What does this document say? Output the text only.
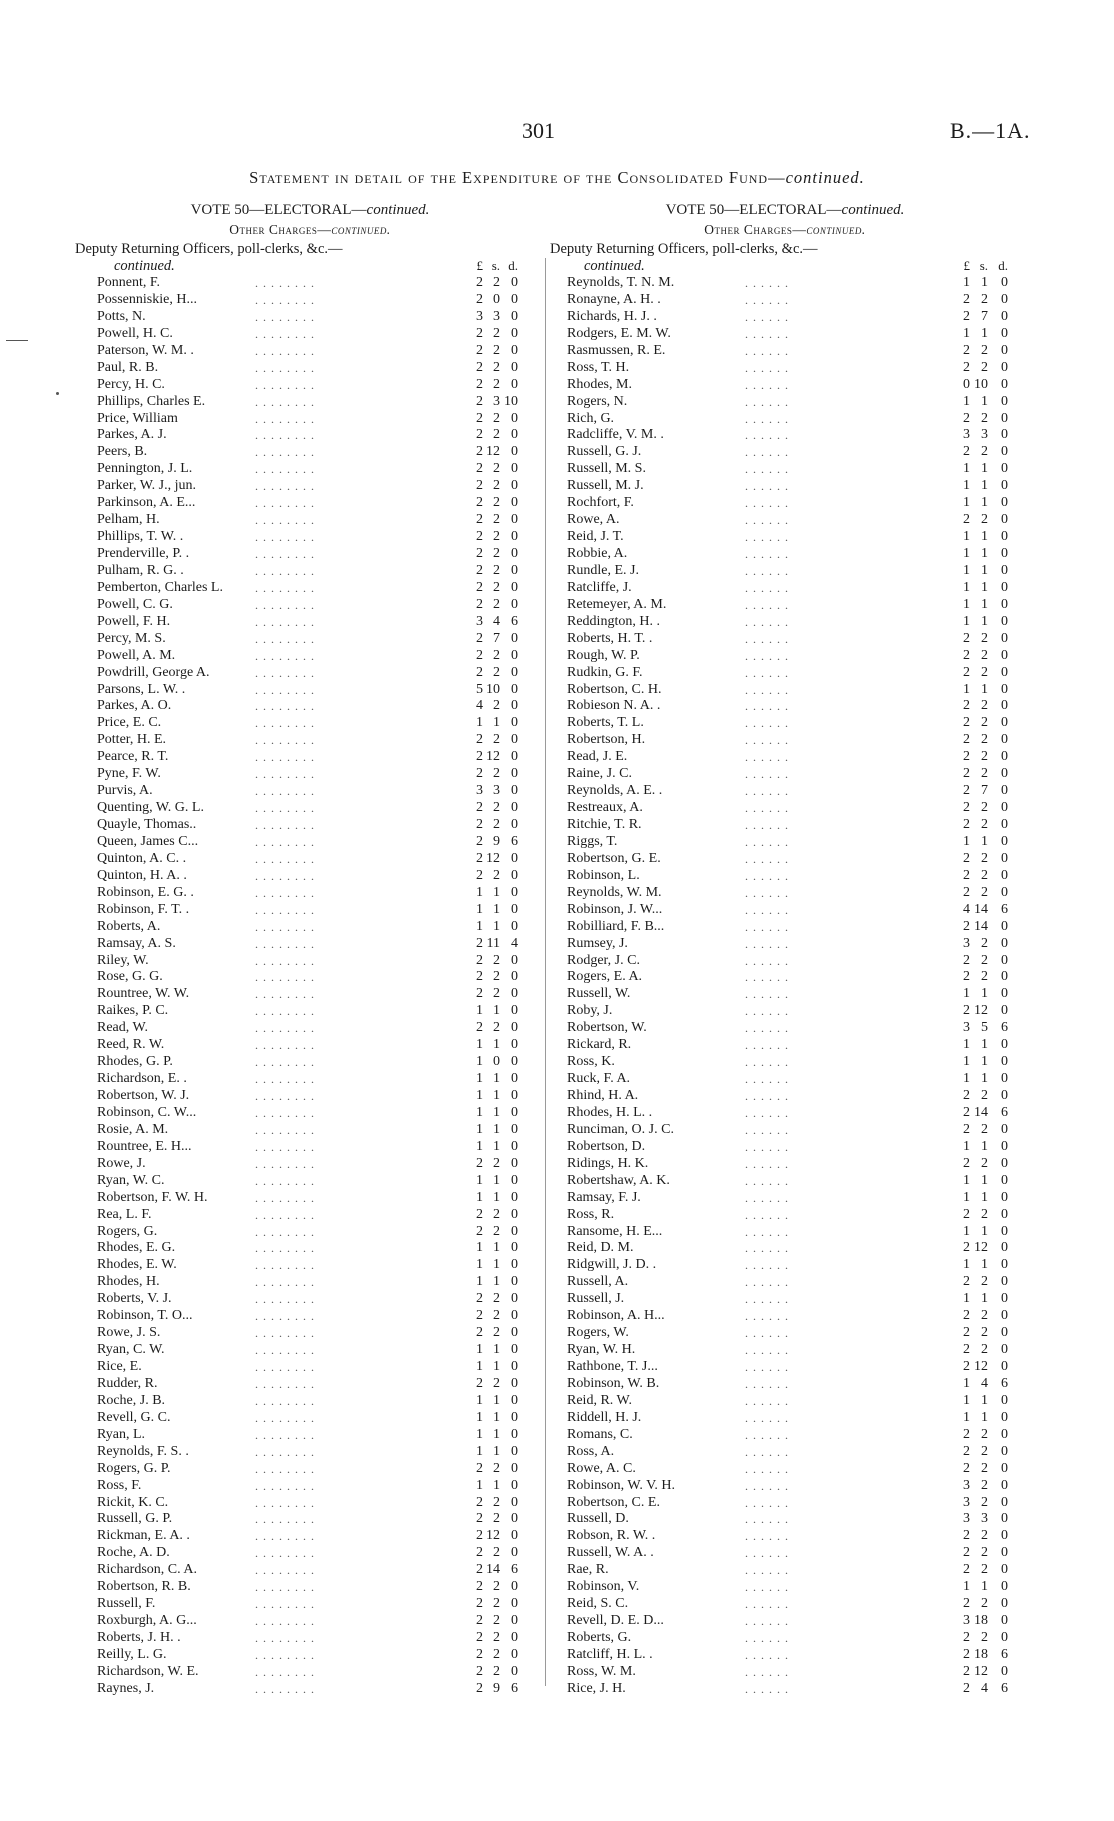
301	B.—1A.
Statement in detail of the Expenditure of the Consolidated Fund—continued.
VOTE 50—ELECTORAL—continued.
Other Charges—continued.
Deputy Returning Officers, poll-clerks, &c.—
continued.	£ s. d.
Ponnent, F.	. . . . . . . .	2 2 0
Possenniskie, H...	. . . . . . . .	2 0 0
Potts, N.	. . . . . . . .	3 3 0
Powell, H. C.	. . . . . . . .	2 2 0
Paterson, W. M. .	. . . . . . . .	2 2 0
Paul, R. B.	. . . . . . . .	2 2 0
Percy, H. C.	. . . . . . . .	2 2 0
Phillips, Charles E.	. . . . . . . .	2 3 10
Price, William	. . . . . . . .	2 2 0
Parkes, A. J.	. . . . . . . .	2 2 0
Peers, B.	. . . . . . . .	2 12 0
Pennington, J. L.	. . . . . . . .	2 2 0
Parker, W. J., jun.	. . . . . . . .	2 2 0
Parkinson, A. E...	. . . . . . . .	2 2 0
Pelham, H.	. . . . . . . .	2 2 0
Phillips, T. W. .	. . . . . . . .	2 2 0
Prenderville, P. .	. . . . . . . .	2 2 0
Pulham, R. G. .	. . . . . . . .	2 2 0
Pemberton, Charles L.	. . . . . . . .	2 2 0
Powell, C. G.	. . . . . . . .	2 2 0
Powell, F. H.	. . . . . . . .	3 4 6
Percy, M. S.	. . . . . . . .	2 7 0
Powell, A. M.	. . . . . . . .	2 2 0
Powdrill, George A.	. . . . . . . .	2 2 0
Parsons, L. W. .	. . . . . . . .	5 10 0
Parkes, A. O.	. . . . . . . .	4 2 0
Price, E. C.	. . . . . . . .	1 1 0
Potter, H. E.	. . . . . . . .	2 2 0
Pearce, R. T.	. . . . . . . .	2 12 0
Pyne, F. W.	. . . . . . . .	2 2 0
Purvis, A.	. . . . . . . .	3 3 0
Quenting, W. G. L.	. . . . . . . .	2 2 0
Quayle, Thomas..	. . . . . . . .	2 2 0
Queen, James C...	. . . . . . . .	2 9 6
Quinton, A. C. .	. . . . . . . .	2 12 0
Quinton, H. A. .	. . . . . . . .	2 2 0
Robinson, E. G. .	. . . . . . . .	1 1 0
Robinson, F. T. .	. . . . . . . .	1 1 0
Roberts, A.	. . . . . . . .	1 1 0
Ramsay, A. S.	. . . . . . . .	2 11 4
Riley, W.	. . . . . . . .	2 2 0
Rose, G. G.	. . . . . . . .	2 2 0
Rountree, W. W.	. . . . . . . .	2 2 0
Raikes, P. C.	. . . . . . . .	1 1 0
Read, W.	. . . . . . . .	2 2 0
Reed, R. W.	. . . . . . . .	1 1 0
Rhodes, G. P.	. . . . . . . .	1 0 0
Richardson, E. .	. . . . . . . .	1 1 0
Robertson, W. J.	. . . . . . . .	1 1 0
Robinson, C. W...	. . . . . . . .	1 1 0
Rosie, A. M.	. . . . . . . .	1 1 0
Rountree, E. H...	. . . . . . . .	1 1 0
Rowe, J.	. . . . . . . .	2 2 0
Ryan, W. C.	. . . . . . . .	1 1 0
Robertson, F. W. H.	. . . . . . . .	1 1 0
Rea, L. F.	. . . . . . . .	2 2 0
Rogers, G.	. . . . . . . .	2 2 0
Rhodes, E. G.	. . . . . . . .	1 1 0
Rhodes, E. W.	. . . . . . . .	1 1 0
Rhodes, H.	. . . . . . . .	1 1 0
Roberts, V. J.	. . . . . . . .	2 2 0
Robinson, T. O...	. . . . . . . .	2 2 0
Rowe, J. S.	. . . . . . . .	2 2 0
Ryan, C. W.	. . . . . . . .	1 1 0
Rice, E.	. . . . . . . .	1 1 0
Rudder, R.	. . . . . . . .	2 2 0
Roche, J. B.	. . . . . . . .	1 1 0
Revell, G. C.	. . . . . . . .	1 1 0
Ryan, L.	. . . . . . . .	1 1 0
Reynolds, F. S. .	. . . . . . . .	1 1 0
Rogers, G. P.	. . . . . . . .	2 2 0
Ross, F.	. . . . . . . .	1 1 0
Rickit, K. C.	. . . . . . . .	2 2 0
Russell, G. P.	. . . . . . . .	2 2 0
Rickman, E. A. .	. . . . . . . .	2 12 0
Roche, A. D.	. . . . . . . .	2 2 0
Richardson, C. A.	. . . . . . . .	2 14 6
Robertson, R. B.	. . . . . . . .	2 2 0
Russell, F.	. . . . . . . .	2 2 0
Roxburgh, A. G...	. . . . . . . .	2 2 0
Roberts, J. H. .	. . . . . . . .	2 2 0
Reilly, L. G.	. . . . . . . .	2 2 0
Richardson, W. E.	. . . . . . . .	2 2 0
Raynes, J.	. . . . . . . .	2 9 6
VOTE 50—ELECTORAL—continued.
Other Charges—continued.
Deputy Returning Officers, poll-clerks, &c.—
continued.	£ s. d.
Reynolds, T. N. M.	. . . . . .	1 1 0
Ronayne, A. H. .	. . . . . .	2 2 0
Richards, H. J. .	. . . . . .	2 7 0
Rodgers, E. M. W.	. . . . . .	1 1 0
Rasmussen, R. E.	. . . . . .	2 2 0
Ross, T. H.	. . . . . .	2 2 0
Rhodes, M.	. . . . . .	0 10 0
Rogers, N.	. . . . . .	1 1 0
Rich, G.	. . . . . .	2 2 0
Radcliffe, V. M. .	. . . . . .	3 3 0
Russell, G. J.	. . . . . .	2 2 0
Russell, M. S.	. . . . . .	1 1 0
Russell, M. J.	. . . . . .	1 1 0
Rochfort, F.	. . . . . .	1 1 0
Rowe, A.	. . . . . .	2 2 0
Reid, J. T.	. . . . . .	1 1 0
Robbie, A.	. . . . . .	1 1 0
Rundle, E. J.	. . . . . .	1 1 0
Ratcliffe, J.	. . . . . .	1 1 0
Retemeyer, A. M.	. . . . . .	1 1 0
Reddington, H. .	. . . . . .	1 1 0
Roberts, H. T. .	. . . . . .	2 2 0
Rough, W. P.	. . . . . .	2 2 0
Rudkin, G. F.	. . . . . .	2 2 0
Robertson, C. H.	. . . . . .	1 1 0
Robieson N. A. .	. . . . . .	2 2 0
Roberts, T. L.	. . . . . .	2 2 0
Robertson, H.	. . . . . .	2 2 0
Read, J. E.	. . . . . .	2 2 0
Raine, J. C.	. . . . . .	2 2 0
Reynolds, A. E. .	. . . . . .	2 7 0
Restreaux, A.	. . . . . .	2 2 0
Ritchie, T. R.	. . . . . .	2 2 0
Riggs, T.	. . . . . .	1 1 0
Robertson, G. E.	. . . . . .	2 2 0
Robinson, L.	. . . . . .	2 2 0
Reynolds, W. M.	. . . . . .	2 2 0
Robinson, J. W...	. . . . . .	4 14 6
Robilliard, F. B...	. . . . . .	2 14 0
Rumsey, J.	. . . . . .	3 2 0
Rodger, J. C.	. . . . . .	2 2 0
Rogers, E. A.	. . . . . .	2 2 0
Russell, W.	. . . . . .	1 1 0
Roby, J.	. . . . . .	2 12 0
Robertson, W.	. . . . . .	3 5 6
Rickard, R.	. . . . . .	1 1 0
Ross, K.	. . . . . .	1 1 0
Ruck, F. A.	. . . . . .	1 1 0
Rhind, H. A.	. . . . . .	2 2 0
Rhodes, H. L. .	. . . . . .	2 14 6
Runciman, O. J. C.	. . . . . .	2 2 0
Robertson, D.	. . . . . .	1 1 0
Ridings, H. K.	. . . . . .	2 2 0
Robertshaw, A. K.	. . . . . .	1 1 0
Ramsay, F. J.	. . . . . .	1 1 0
Ross, R.	. . . . . .	2 2 0
Ransome, H. E...	. . . . . .	1 1 0
Reid, D. M.	. . . . . .	2 12 0
Ridgwill, J. D. .	. . . . . .	1 1 0
Russell, A.	. . . . . .	2 2 0
Russell, J.	. . . . . .	1 1 0
Robinson, A. H...	. . . . . .	2 2 0
Rogers, W.	. . . . . .	2 2 0
Ryan, W. H.	. . . . . .	2 2 0
Rathbone, T. J...	. . . . . .	2 12 0
Robinson, W. B.	. . . . . .	1 4 6
Reid, R. W.	. . . . . .	1 1 0
Riddell, H. J.	. . . . . .	1 1 0
Romans, C.	. . . . . .	2 2 0
Ross, A.	. . . . . .	2 2 0
Rowe, A. C.	. . . . . .	2 2 0
Robinson, W. V. H.	. . . . . .	3 2 0
Robertson, C. E.	. . . . . .	3 2 0
Russell, D.	. . . . . .	3 3 0
Robson, R. W. .	. . . . . .	2 2 0
Russell, W. A. .	. . . . . .	2 2 0
Rae, R.	. . . . . .	2 2 0
Robinson, V.	. . . . . .	1 1 0
Reid, S. C.	. . . . . .	2 2 0
Revell, D. E. D...	. . . . . .	3 18 0
Roberts, G.	. . . . . .	2 2 0
Ratcliff, H. L. .	. . . . . .	2 18 6
Ross, W. M.	. . . . . .	2 12 0
Rice, J. H.	. . . . . .	2 4 6
